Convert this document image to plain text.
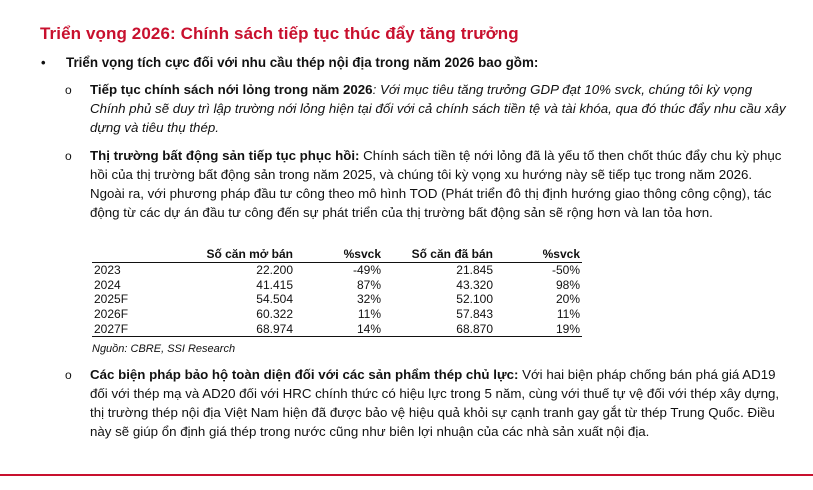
Triển vọng 2026: Chính sách tiếp tục thúc đẩy tăng trưởng
• Triển vọng tích cực đối với nhu cầu thép nội địa trong năm 2026 bao gồm:
o Tiếp tục chính sách nới lỏng trong năm 2026: Với mục tiêu tăng trưởng GDP đạt 10% svck, chúng tôi kỳ vọng Chính phủ sẽ duy trì lập trường nới lỏng hiện tại đối với cả chính sách tiền tệ và tài khóa, qua đó thúc đẩy nhu cầu xây dựng và tiêu thụ thép.
o Thị trường bất động sản tiếp tục phục hồi: Chính sách tiền tệ nới lỏng đã là yếu tố then chốt thúc đẩy chu kỳ phục hồi của thị trường bất động sản trong năm 2025, và chúng tôi kỳ vọng xu hướng này sẽ tiếp tục trong năm 2026. Ngoài ra, với phương pháp đầu tư công theo mô hình TOD (Phát triển đô thị định hướng giao thông công cộng), tác động từ các dự án đầu tư công đến sự phát triển của thị trường bất động sản sẽ rộng hơn và lan tỏa hơn.
	Số căn mở bán	%svck	Số căn đã bán	%svck
2023	22.200	-49%	21.845	-50%
2024	41.415	87%	43.320	98%
2025F	54.504	32%	52.100	20%
2026F	60.322	11%	57.843	11%
2027F	68.974	14%	68.870	19%
Nguồn: CBRE, SSI Research
o Các biện pháp bảo hộ toàn diện đối với các sản phẩm thép chủ lực: Với hai biện pháp chống bán phá giá AD19 đối với thép mạ và AD20 đối với HRC chính thức có hiệu lực trong 5 năm, cùng với thuế tự vệ đối với thép xây dựng, thị trường thép nội địa Việt Nam hiện đã được bảo vệ hiệu quả khỏi sự cạnh tranh gay gắt từ thép Trung Quốc. Điều này sẽ giúp ổn định giá thép trong nước cũng như biên lợi nhuận của các nhà sản xuất nội địa.
